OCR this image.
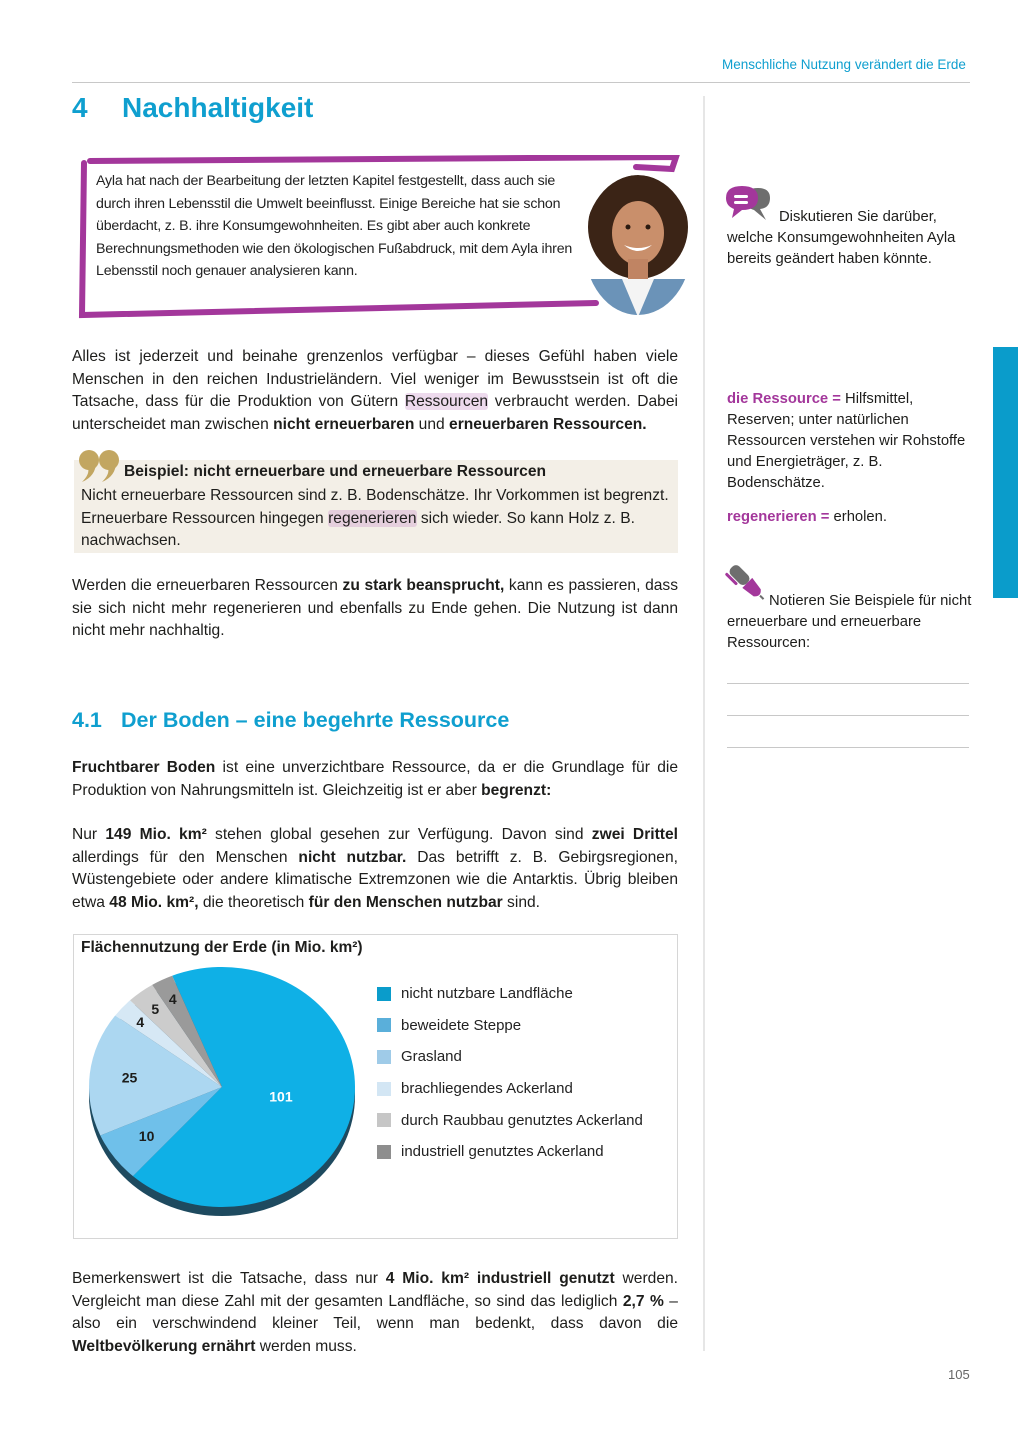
Menschliche Nutzung verändert die Erde
4 Nachhaltigkeit
Ayla hat nach der Bearbeitung der letzten Kapitel festgestellt, dass auch sie durch ihren Lebensstil die Umwelt beeinflusst. Einige Bereiche hat sie schon überdacht, z. B. ihre Konsumgewohnheiten. Es gibt aber auch konkrete Berechnungsmethoden wie den ökologischen Fußabdruck, mit dem Ayla ihren Lebensstil noch genauer analysieren kann.
Alles ist jederzeit und beinahe grenzenlos verfügbar – dieses Gefühl haben viele Menschen in den reichen Industrieländern. Viel weniger im Bewusstsein ist oft die Tatsache, dass für die Produktion von Gütern Ressourcen verbraucht werden. Dabei unterscheidet man zwischen nicht erneuerbaren und erneuerbaren Ressourcen.
Beispiel: nicht erneuerbare und erneuerbare Ressourcen
Nicht erneuerbare Ressourcen sind z. B. Bodenschätze. Ihr Vorkommen ist begrenzt. Erneuerbare Ressourcen hingegen regenerieren sich wieder. So kann Holz z. B. nachwachsen.
Werden die erneuerbaren Ressourcen zu stark beansprucht, kann es passieren, dass sie sich nicht mehr regenerieren und ebenfalls zu Ende gehen. Die Nutzung ist dann nicht mehr nachhaltig.
4.1 Der Boden – eine begehrte Ressource
Fruchtbarer Boden ist eine unverzichtbare Ressource, da er die Grundlage für die Produktion von Nahrungsmitteln ist. Gleichzeitig ist er aber begrenzt:
Nur 149 Mio. km² stehen global gesehen zur Verfügung. Davon sind zwei Drittel allerdings für den Menschen nicht nutzbar. Das betrifft z. B. Gebirgsregionen, Wüstengebiete oder andere klimatische Extremzonen wie die Antarktis. Übrig bleiben etwa 48 Mio. km², die theoretisch für den Menschen nutzbar sind.
Flächennutzung der Erde (in Mio. km²)
101
10
25
4
5
4	nicht nutzbare Landfläche
beweidete Steppe
Grasland
brachliegendes Ackerland
durch Raubbau genutztes Ackerland
industriell genutztes Ackerland
Bemerkenswert ist die Tatsache, dass nur 4 Mio. km² industriell genutzt werden. Vergleicht man diese Zahl mit der gesamten Landfläche, so sind das lediglich 2,7 % – also ein verschwindend kleiner Teil, wenn man bedenkt, dass davon die Weltbevölkerung ernährt werden muss.
Diskutieren Sie darüber, welche Konsumgewohnheiten Ayla bereits geändert haben könnte.
die Ressource = Hilfsmittel, Reserven; unter natürlichen Ressourcen verstehen wir Rohstoffe und Energieträger, z. B. Bodenschätze.
regenerieren = erholen.
Notieren Sie Beispiele für nicht erneuerbare und erneuerbare Ressourcen:
105
